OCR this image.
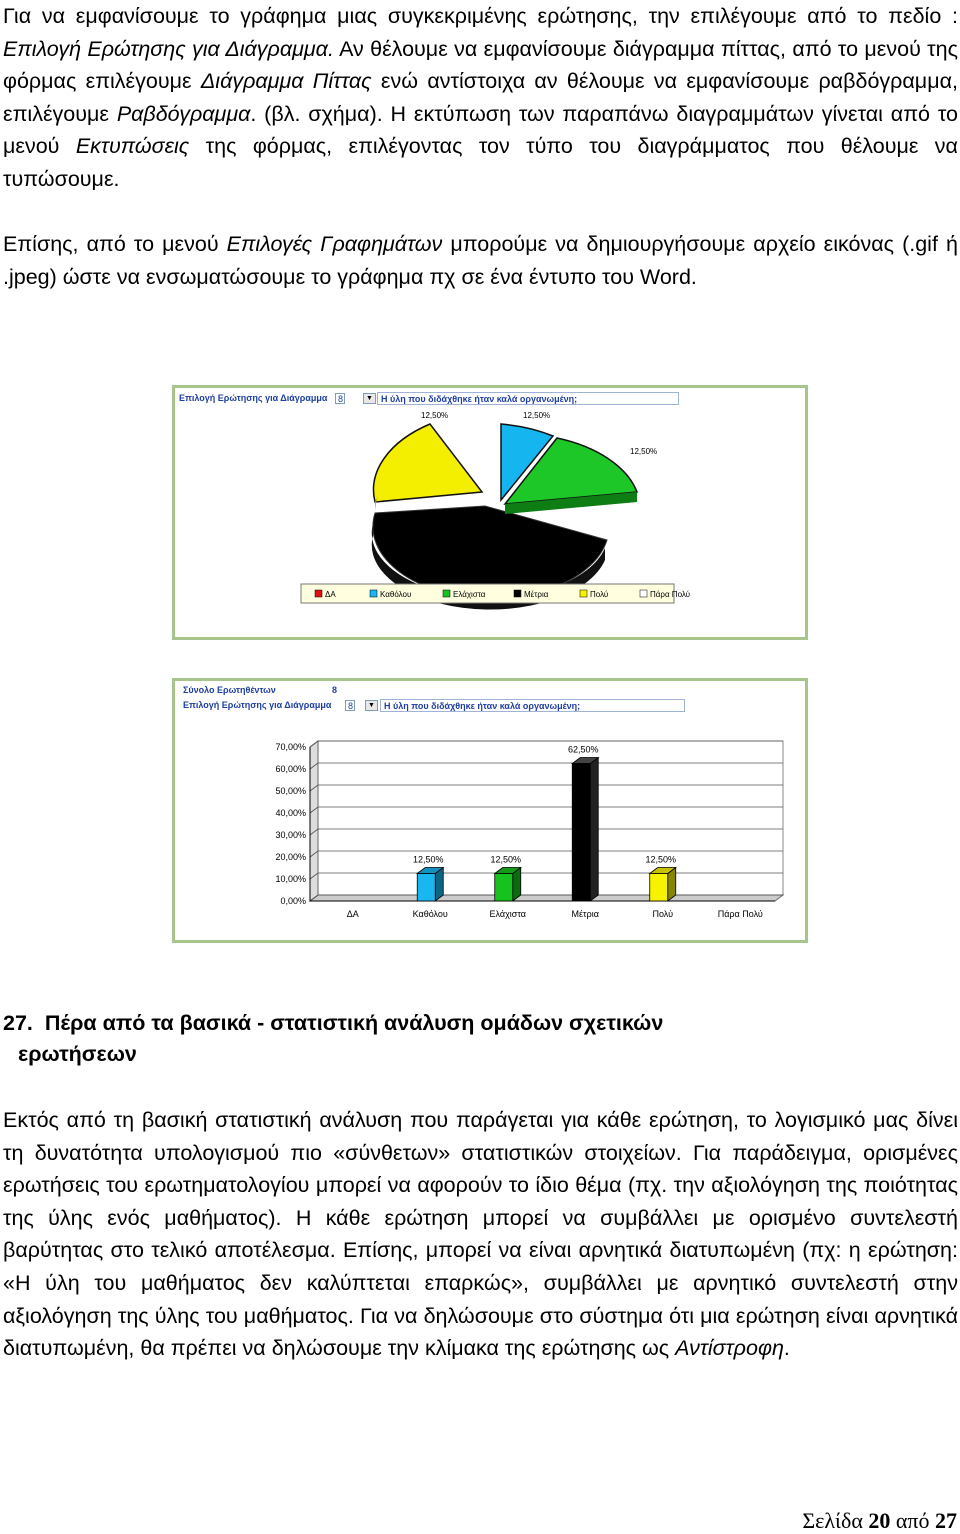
Για να εμφανίσουμε το γράφημα μιας συγκεκριμένης ερώτησης, την επιλέγουμε από το πεδίο : Επιλογή Ερώτησης για Διάγραμμα. Αν θέλουμε να εμφανίσουμε διάγραμμα πίττας, από το μενού της φόρμας επιλέγουμε Διάγραμμα Πίττας ενώ αντίστοιχα αν θέλουμε να εμφανίσουμε ραβδόγραμμα, επιλέγουμε Ραβδόγραμμα. (βλ. σχήμα). Η εκτύπωση των παραπάνω διαγραμμάτων γίνεται από το μενού Εκτυπώσεις της φόρμας, επιλέγοντας τον τύπο του διαγράμματος που θέλουμε να τυπώσουμε.
Επίσης, από το μενού Επιλογές Γραφημάτων μπορούμε να δημιουργήσουμε αρχείο εικόνας (.gif ή .jpeg) ώστε να ενσωματώσουμε το γράφημα πχ σε ένα έντυπο του Word.
Επιλογή Ερώτησης για Διάγραμμα	8	▼ Η ύλη που διδάχθηκε ήταν καλά οργανωμένη;
12,50%	12,50%
12,50%
ΔΑ	Καθόλου	Ελάχιστα	Μέτρια	Πολύ	Πάρα Πολύ
Σύνολο Ερωτηθέντων	8
Επιλογή Ερώτησης για Διάγραμμα	8	▼	Η ύλη που διδάχθηκε ήταν καλά οργανωμένη;
0,00%
10,00%
20,00%
30,00%
40,00%
50,00%
60,00%
70,00%
ΔΑ
12,50%
Καθόλου
12,50%
Ελάχιστα
62,50%
Μέτρια
12,50%
Πολύ	Πάρα Πολύ
27. Πέρα από τα βασικά - στατιστική ανάλυση ομάδων σχετικών
ερωτήσεων
Εκτός από τη βασική στατιστική ανάλυση που παράγεται για κάθε ερώτηση, το λογισμικό μας δίνει τη δυνατότητα υπολογισμού πιο «σύνθετων» στατιστικών στοιχείων. Για παράδειγμα, ορισμένες ερωτήσεις του ερωτηματολογίου μπορεί να αφορούν το ίδιο θέμα (πχ. την αξιολόγηση της ποιότητας της ύλης ενός μαθήματος). Η κάθε ερώτηση μπορεί να συμβάλλει με ορισμένο συντελεστή βαρύτητας στο τελικό αποτέλεσμα. Επίσης, μπορεί να είναι αρνητικά διατυπωμένη (πχ: η ερώτηση: «Η ύλη του μαθήματος δεν καλύπτεται επαρκώς», συμβάλλει με αρνητικό συντελεστή στην αξιολόγηση της ύλης του μαθήματος. Για να δηλώσουμε στο σύστημα ότι μια ερώτηση είναι αρνητικά διατυπωμένη, θα πρέπει να δηλώσουμε την κλίμακα της ερώτησης ως Αντίστροφη.
Σελίδα 20 από 27
